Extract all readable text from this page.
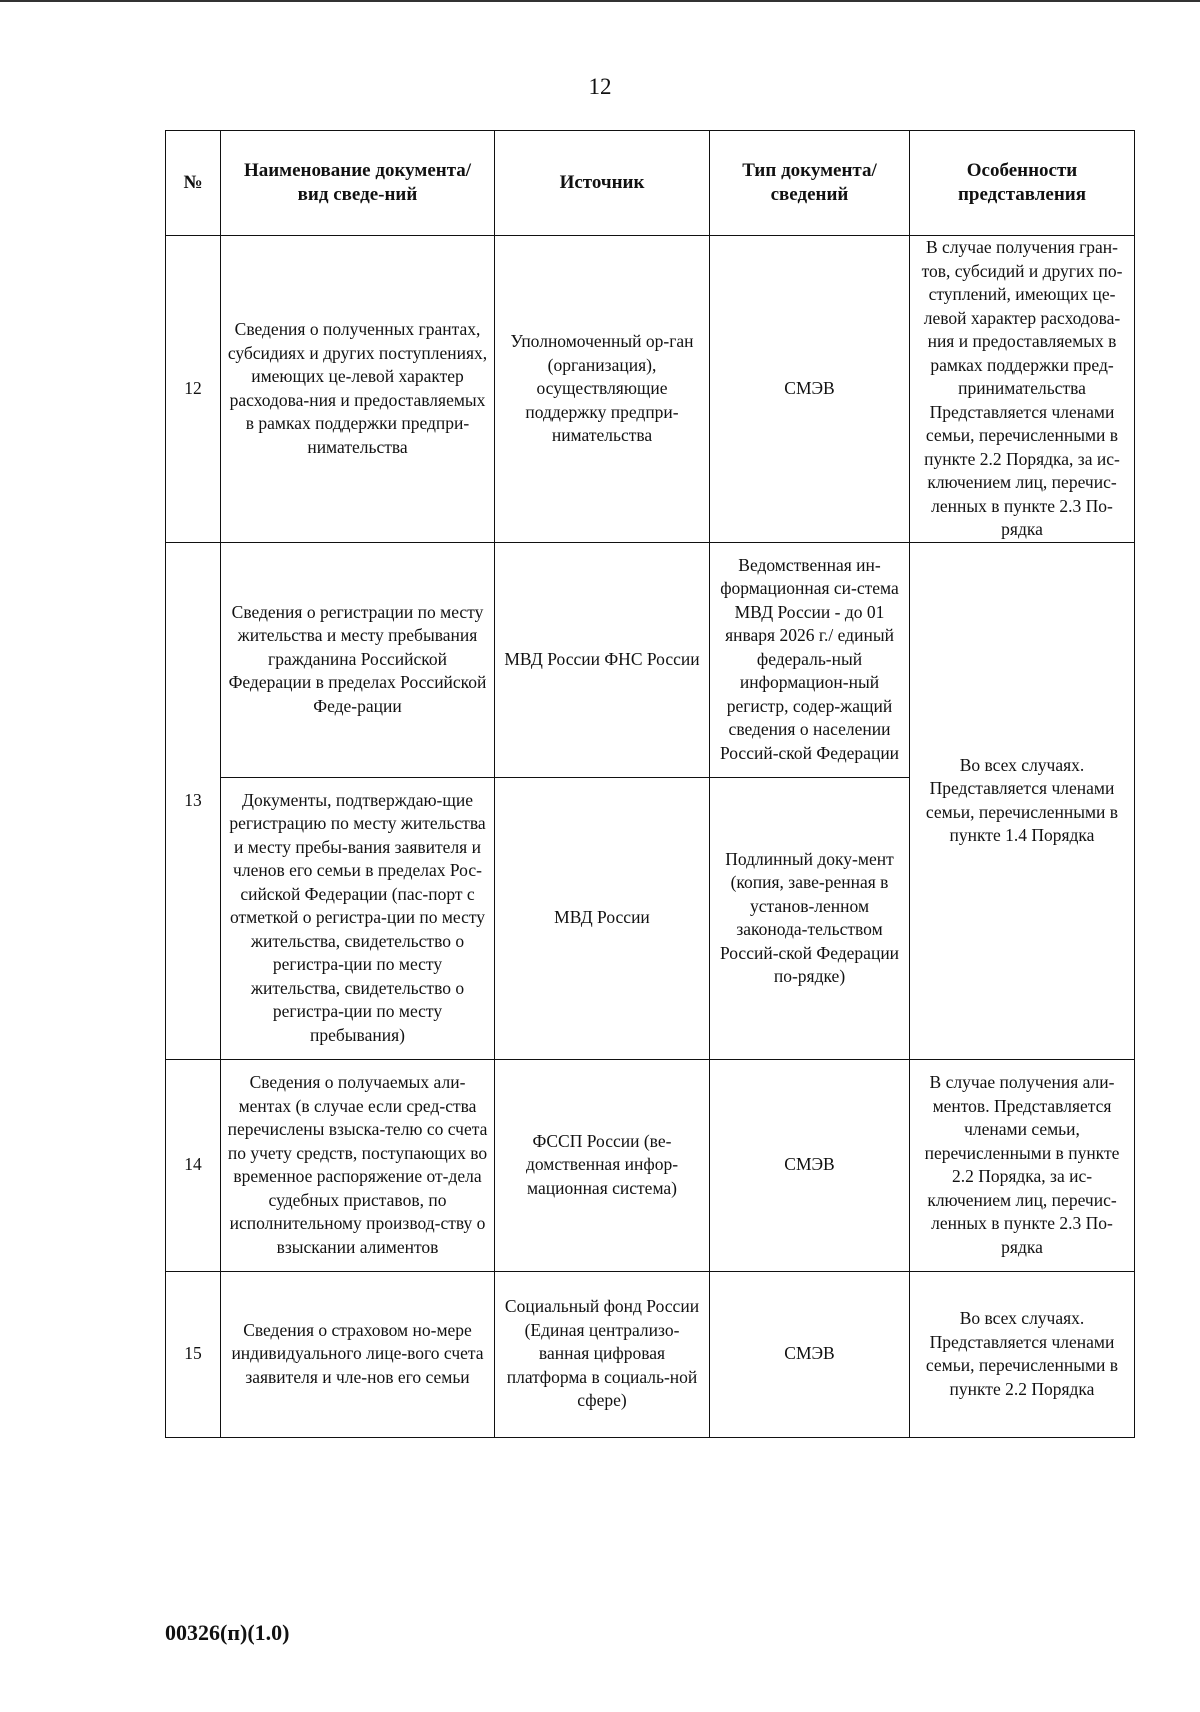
12
№	Наименование документа/ вид сведе-ний	Источник	Тип документа/ сведений	Особенности представления
12	Сведения о полученных грантах, субсидиях и других поступлениях, имеющих це-левой характер расходова-ния и предоставляемых в рамках поддержки предпри-нимательства	Уполномоченный ор-ган (организация), осуществляющие поддержку предпри-нимательства	СМЭВ	В случае получения гран-тов, субсидий и других по-ступлений, имеющих це-левой характер расходова-ния и предоставляемых в рамках поддержки пред-принимательства Представляется членами семьи, перечисленными в пункте 2.2 Порядка, за ис-ключением лиц, перечис-ленных в пункте 2.3 По-рядка
13	Сведения о регистрации по месту жительства и месту пребывания гражданина Российской Федерации в пределах Российской Феде-рации	МВД России ФНС России	Ведомственная ин-формационная си-стема МВД России - до 01 января 2026 г./ единый федераль-ный информацион-ный регистр, содер-жащий сведения о населении Россий-ской Федерации	Во всех случаях. Представляется членами семьи, перечисленными в пункте 1.4 Порядка
	Документы, подтверждаю-щие регистрацию по месту жительства и месту пребы-вания заявителя и членов его семьи в пределах Рос-сийской Федерации (пас-порт с отметкой о регистра-ции по месту жительства, свидетельство о регистра-ции по месту жительства, свидетельство о регистра-ции по месту пребывания)	МВД России	Подлинный доку-мент (копия, заве-ренная в установ-ленном законода-тельством Россий-ской Федерации по-рядке)	
14	Сведения о получаемых али-ментах (в случае если сред-ства перечислены взыска-телю со счета по учету средств, поступающих во временное распоряжение от-дела судебных приставов, по исполнительному производ-ству о взыскании алиментов	ФССП России (ве-домственная инфор-мационная система)	СМЭВ	В случае получения али-ментов. Представляется членами семьи, перечисленными в пункте 2.2 Порядка, за ис-ключением лиц, перечис-ленных в пункте 2.3 По-рядка
15	Сведения о страховом но-мере индивидуального лице-вого счета заявителя и чле-нов его семьи	Социальный фонд России (Единая централизо-ванная цифровая платформа в социаль-ной сфере)	СМЭВ	Во всех случаях. Представляется членами семьи, перечисленными в пункте 2.2 Порядка
00326(п)(1.0)
